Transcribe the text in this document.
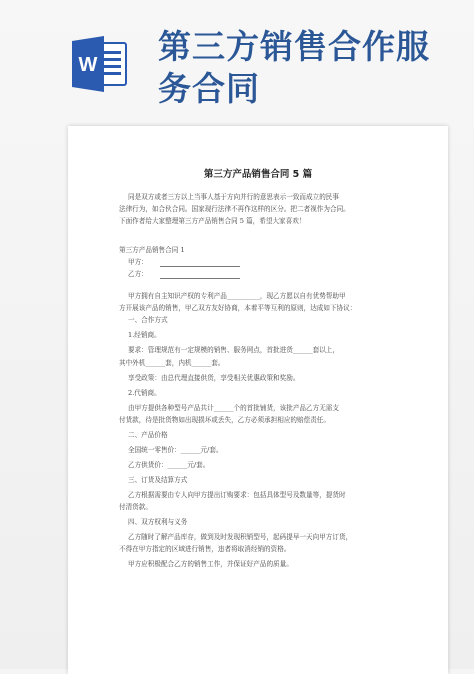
W 第三方销售合作服务合同
第三方产品销售合同 5 篇
同是双方或者三方以上当事人基于方向并行的意思表示一致而成立的民事
法律行为，如合伙合同。国家现行法律不再作这样的区分。把二者视作为合同。
下面作者给大家整理第三方产品销售合同 5 篇，希望大家喜欢！
第三方产品销售合同 1
甲方：
乙方：
甲方拥有自主知识产权的专利产品__________，现乙方愿以自有优势帮助甲
方开展该产品的销售，甲乙双方友好协商，本着平等互利的原则，达成如下协议：
一、合作方式
1.经销商。
要求：管理规范有一定规模的销售、服务网点，首批进货______套以上，
其中外机______套，内机______套。
享受政策：由总代理直接供货，享受相关优惠政策和奖励。
2.代销商。
由甲方提供各种型号产品共计______个的首批铺货，该批产品乙方无需支
付货款，待是批货物如出现损坏或丢失，乙方必须承担相应的赔偿责任。
二、产品价格
全国统一零售价：______元/套。
乙方供货价：______元/套。
三、订货及结算方式
乙方根据需要由专人向甲方提出订购要求：包括具体型号及数量等，提货时
付清货款。
四、双方权利与义务
乙方随时了解产品库存，做到及时发现积销型号，起码提早一天向甲方订货，
不得在甲方指定的区域进行销售，违者将取消经销的资格。
甲方应积极配合乙方的销售工作，并保证好产品的质量。
